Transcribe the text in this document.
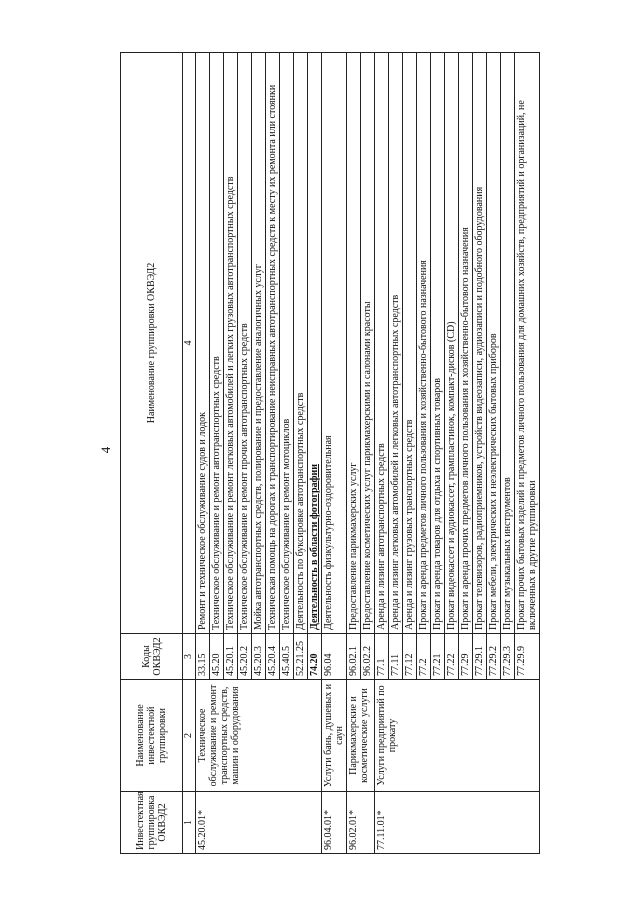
4
Инвестектная группировка ОКВЭД2	Наименование инвестектной группировки	Коды ОКВЭД2	Наименование группировки ОКВЭД2
1	2	3	4
45.20.01*	Техническое обслуживание и ремонт транспортных средств, машин и оборудования	33.15	Ремонт и техническое обслуживание судов и лодок
		45.20	Техническое обслуживание и ремонт автотранспортных средств
		45.20.1	Техническое обслуживание и ремонт легковых автомобилей и легких грузовых автотранспортных средств
		45.20.2	Техническое обслуживание и ремонт прочих автотранспортных средств
		45.20.3	Мойка автотранспортных средств, полирование и предоставление аналогичных услуг
		45.20.4	Техническая помощь на дорогах и транспортирование неисправных автотранспортных средств к месту их ремонта или стоянки
		45.40.5	Техническое обслуживание и ремонт мотоциклов
		52.21.25	Деятельность по буксировке автотранспортных средств
		74.20	Деятельность в области фотографии
96.04.01*	Услуги бань, душевых и саун	96.04	Деятельность физкультурно-оздоровительная
96.02.01*	Парикмахерские и косметические услуги	96.02.1	Предоставление парикмахерских услуг
		96.02.2	Предоставление косметических услуг парикмахерскими и салонами красоты
77.11.01*	Услуги предприятий по прокату	77.1	Аренда и лизинг автотранспортных средств
		77.11	Аренда и лизинг легковых автомобилей и легковых автотранспортных средств
		77.12	Аренда и лизинг грузовых транспортных средств
		77.2	Прокат и аренда предметов личного пользования и хозяйственно-бытового назначения
		77.21	Прокат и аренда товаров для отдыха и спортивных товаров
		77.22	Прокат видеокассет и аудиокассет, грампластинок, компакт-дисков (CD)
		77.29	Прокат и аренда прочих предметов личного пользования и хозяйственно-бытового назначения
		77.29.1	Прокат телевизоров, радиоприемников, устройств видеозаписи, аудиозаписи и подобного оборудования
		77.29.2	Прокат мебели, электрических и неэлектрических бытовых приборов
		77.29.3	Прокат музыкальных инструментов
		77.29.9	Прокат прочих бытовых изделий и предметов личного пользования для домашних хозяйств, предприятий и организаций, не включенных в другие группировки
